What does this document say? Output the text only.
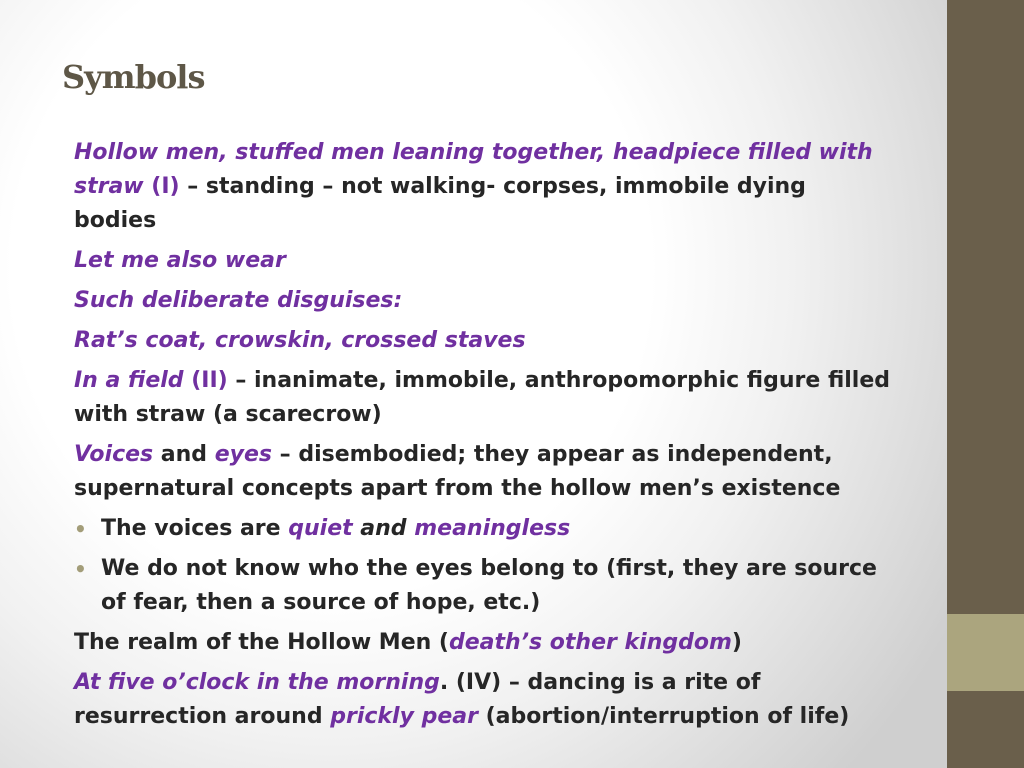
Symbols
Hollow men, stuffed men leaning together, headpiece filled with straw (I) – standing – not walking- corpses, immobile dying bodies
Let me also wear
Such deliberate disguises:
Rat’s coat, crowskin, crossed staves
In a field (II) – inanimate, immobile, anthropomorphic figure filled with straw (a scarecrow)
Voices and eyes – disembodied; they appear as independent, supernatural concepts apart from the hollow men’s existence
• The voices are quiet and meaningless
• We do not know who the eyes belong to (first, they are source of fear, then a source of hope, etc.)
The realm of the Hollow Men (death’s other kingdom)
At five o’clock in the morning. (IV) – dancing is a rite of resurrection around prickly pear (abortion/interruption of life)
